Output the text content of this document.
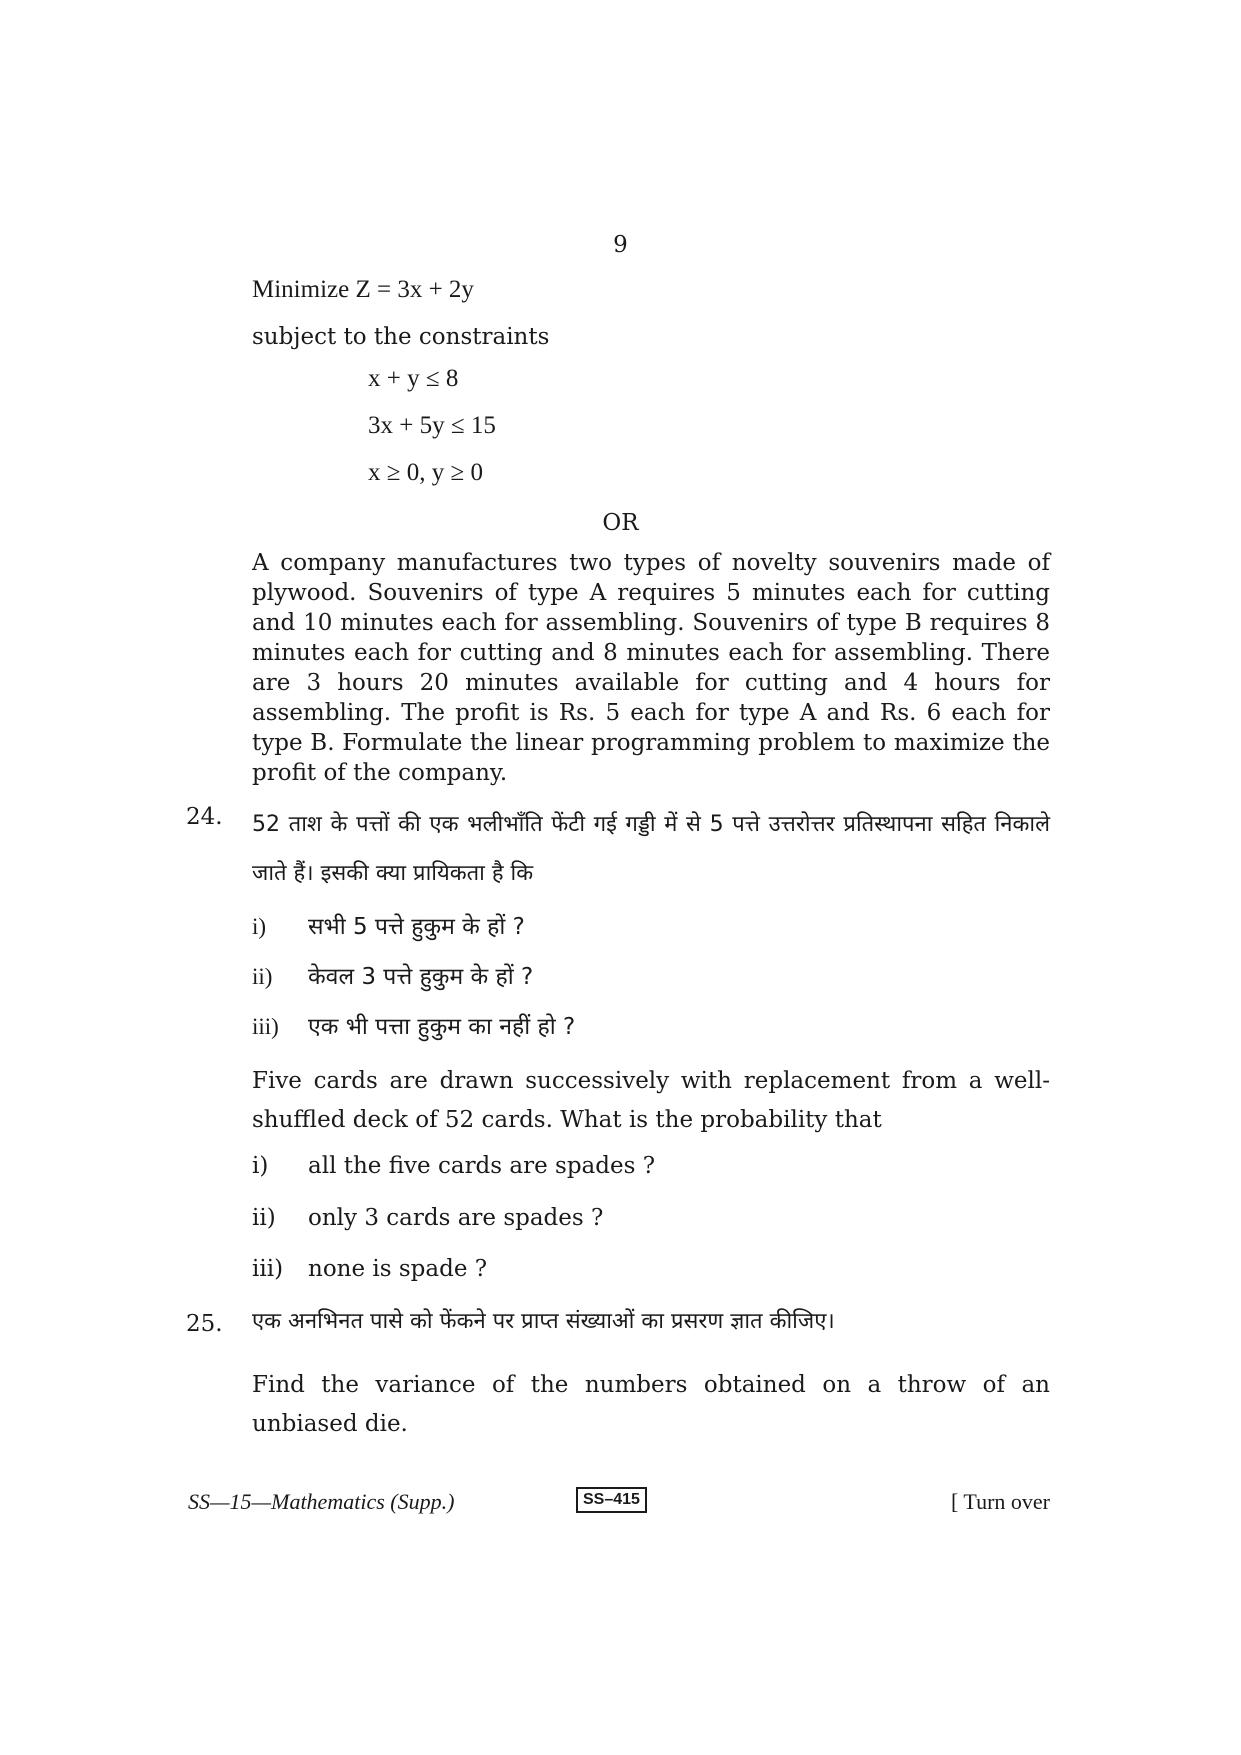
9
Minimize Z = 3x + 2y
subject to the constraints
x + y ≤ 8
3x + 5y ≤ 15
x ≥ 0, y ≥ 0
OR
A company manufactures two types of novelty souvenirs made of plywood. Souvenirs of type A requires 5 minutes each for cutting and 10 minutes each for assembling. Souvenirs of type B requires 8 minutes each for cutting and 8 minutes each for assembling. There are 3 hours 20 minutes available for cutting and 4 hours for assembling. The profit is Rs. 5 each for type A and Rs. 6 each for type B. Formulate the linear programming problem to maximize the profit of the company.
24. 52 ताश के पत्तों की एक भलीभाँति फेंटी गई गड्डी में से 5 पत्ते उत्तरोत्तर प्रतिस्थापना सहित निकाले जाते हैं। इसकी क्या प्रायिकता है कि
i) सभी 5 पत्ते हुकुम के हों ?
ii) केवल 3 पत्ते हुकुम के हों ?
iii) एक भी पत्ता हुकुम का नहीं हो ?
Five cards are drawn successively with replacement from a well-shuffled deck of 52 cards. What is the probability that
i) all the five cards are spades ?
ii) only 3 cards are spades ?
iii) none is spade ?
25. एक अनभिनत पासे को फेंकने पर प्राप्त संख्याओं का प्रसरण ज्ञात कीजिए।
Find the variance of the numbers obtained on a throw of an unbiased die.
SS—15—Mathematics (Supp.)	SS–415	[ Turn over
